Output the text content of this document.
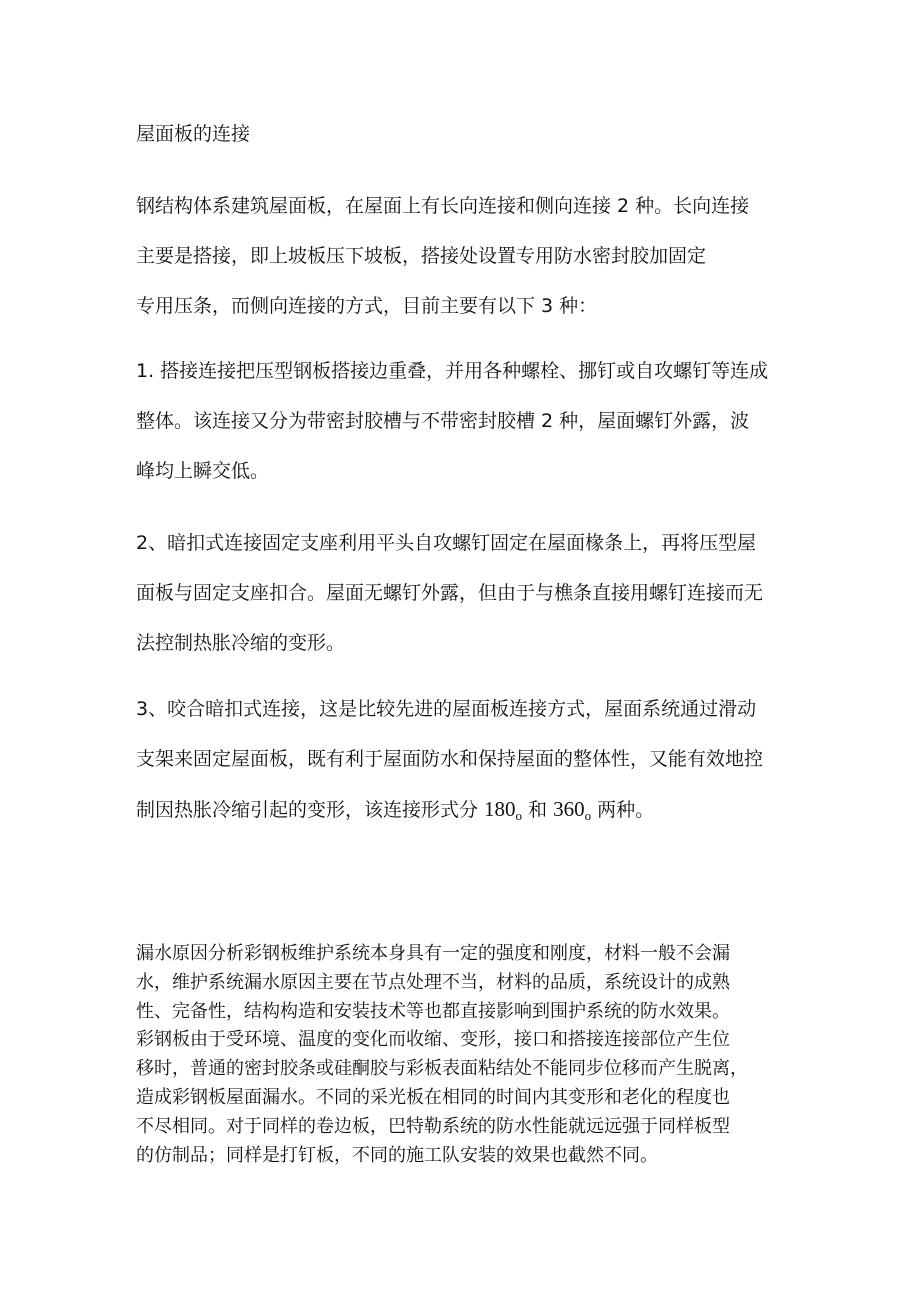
屋面板的连接
钢结构体系建筑屋面板，在屋面上有长向连接和侧向连接 2 种。长向连接
主要是搭接，即上坡板压下坡板，搭接处设置专用防水密封胶加固定
专用压条，而侧向连接的方式，目前主要有以下 3 种：
1. 搭接连接把压型钢板搭接边重叠，并用各种螺栓、挪钉或自攻螺钉等连成
整体。该连接又分为带密封胶槽与不带密封胶槽 2 种，屋面螺钉外露，波
峰均上瞬交低。
2、暗扣式连接固定支座利用平头自攻螺钉固定在屋面椽条上，再将压型屋
面板与固定支座扣合。屋面无螺钉外露，但由于与樵条直接用螺钉连接而无
法控制热胀冷缩的变形。
3、咬合暗扣式连接，这是比较先进的屋面板连接方式，屋面系统通过滑动
支架来固定屋面板，既有利于屋面防水和保持屋面的整体性，又能有效地控
制因热胀冷缩引起的变形，该连接形式分 $180_o$ 和 $360_o$ 两种。
漏水原因分析彩钢板维护系统本身具有一定的强度和刚度，材料一般不会漏
水，维护系统漏水原因主要在节点处理不当，材料的品质，系统设计的成熟
性、完备性，结构构造和安装技术等也都直接影响到围护系统的防水效果。
彩钢板由于受环境、温度的变化而收缩、变形，接口和搭接连接部位产生位
移时，普通的密封胶条或硅酮胶与彩板表面粘结处不能同步位移而产生脱离，
造成彩钢板屋面漏水。不同的采光板在相同的时间内其变形和老化的程度也
不尽相同。对于同样的卷边板，巴特勒系统的防水性能就远远强于同样板型
的仿制品；同样是打钉板，不同的施工队安装的效果也截然不同。
